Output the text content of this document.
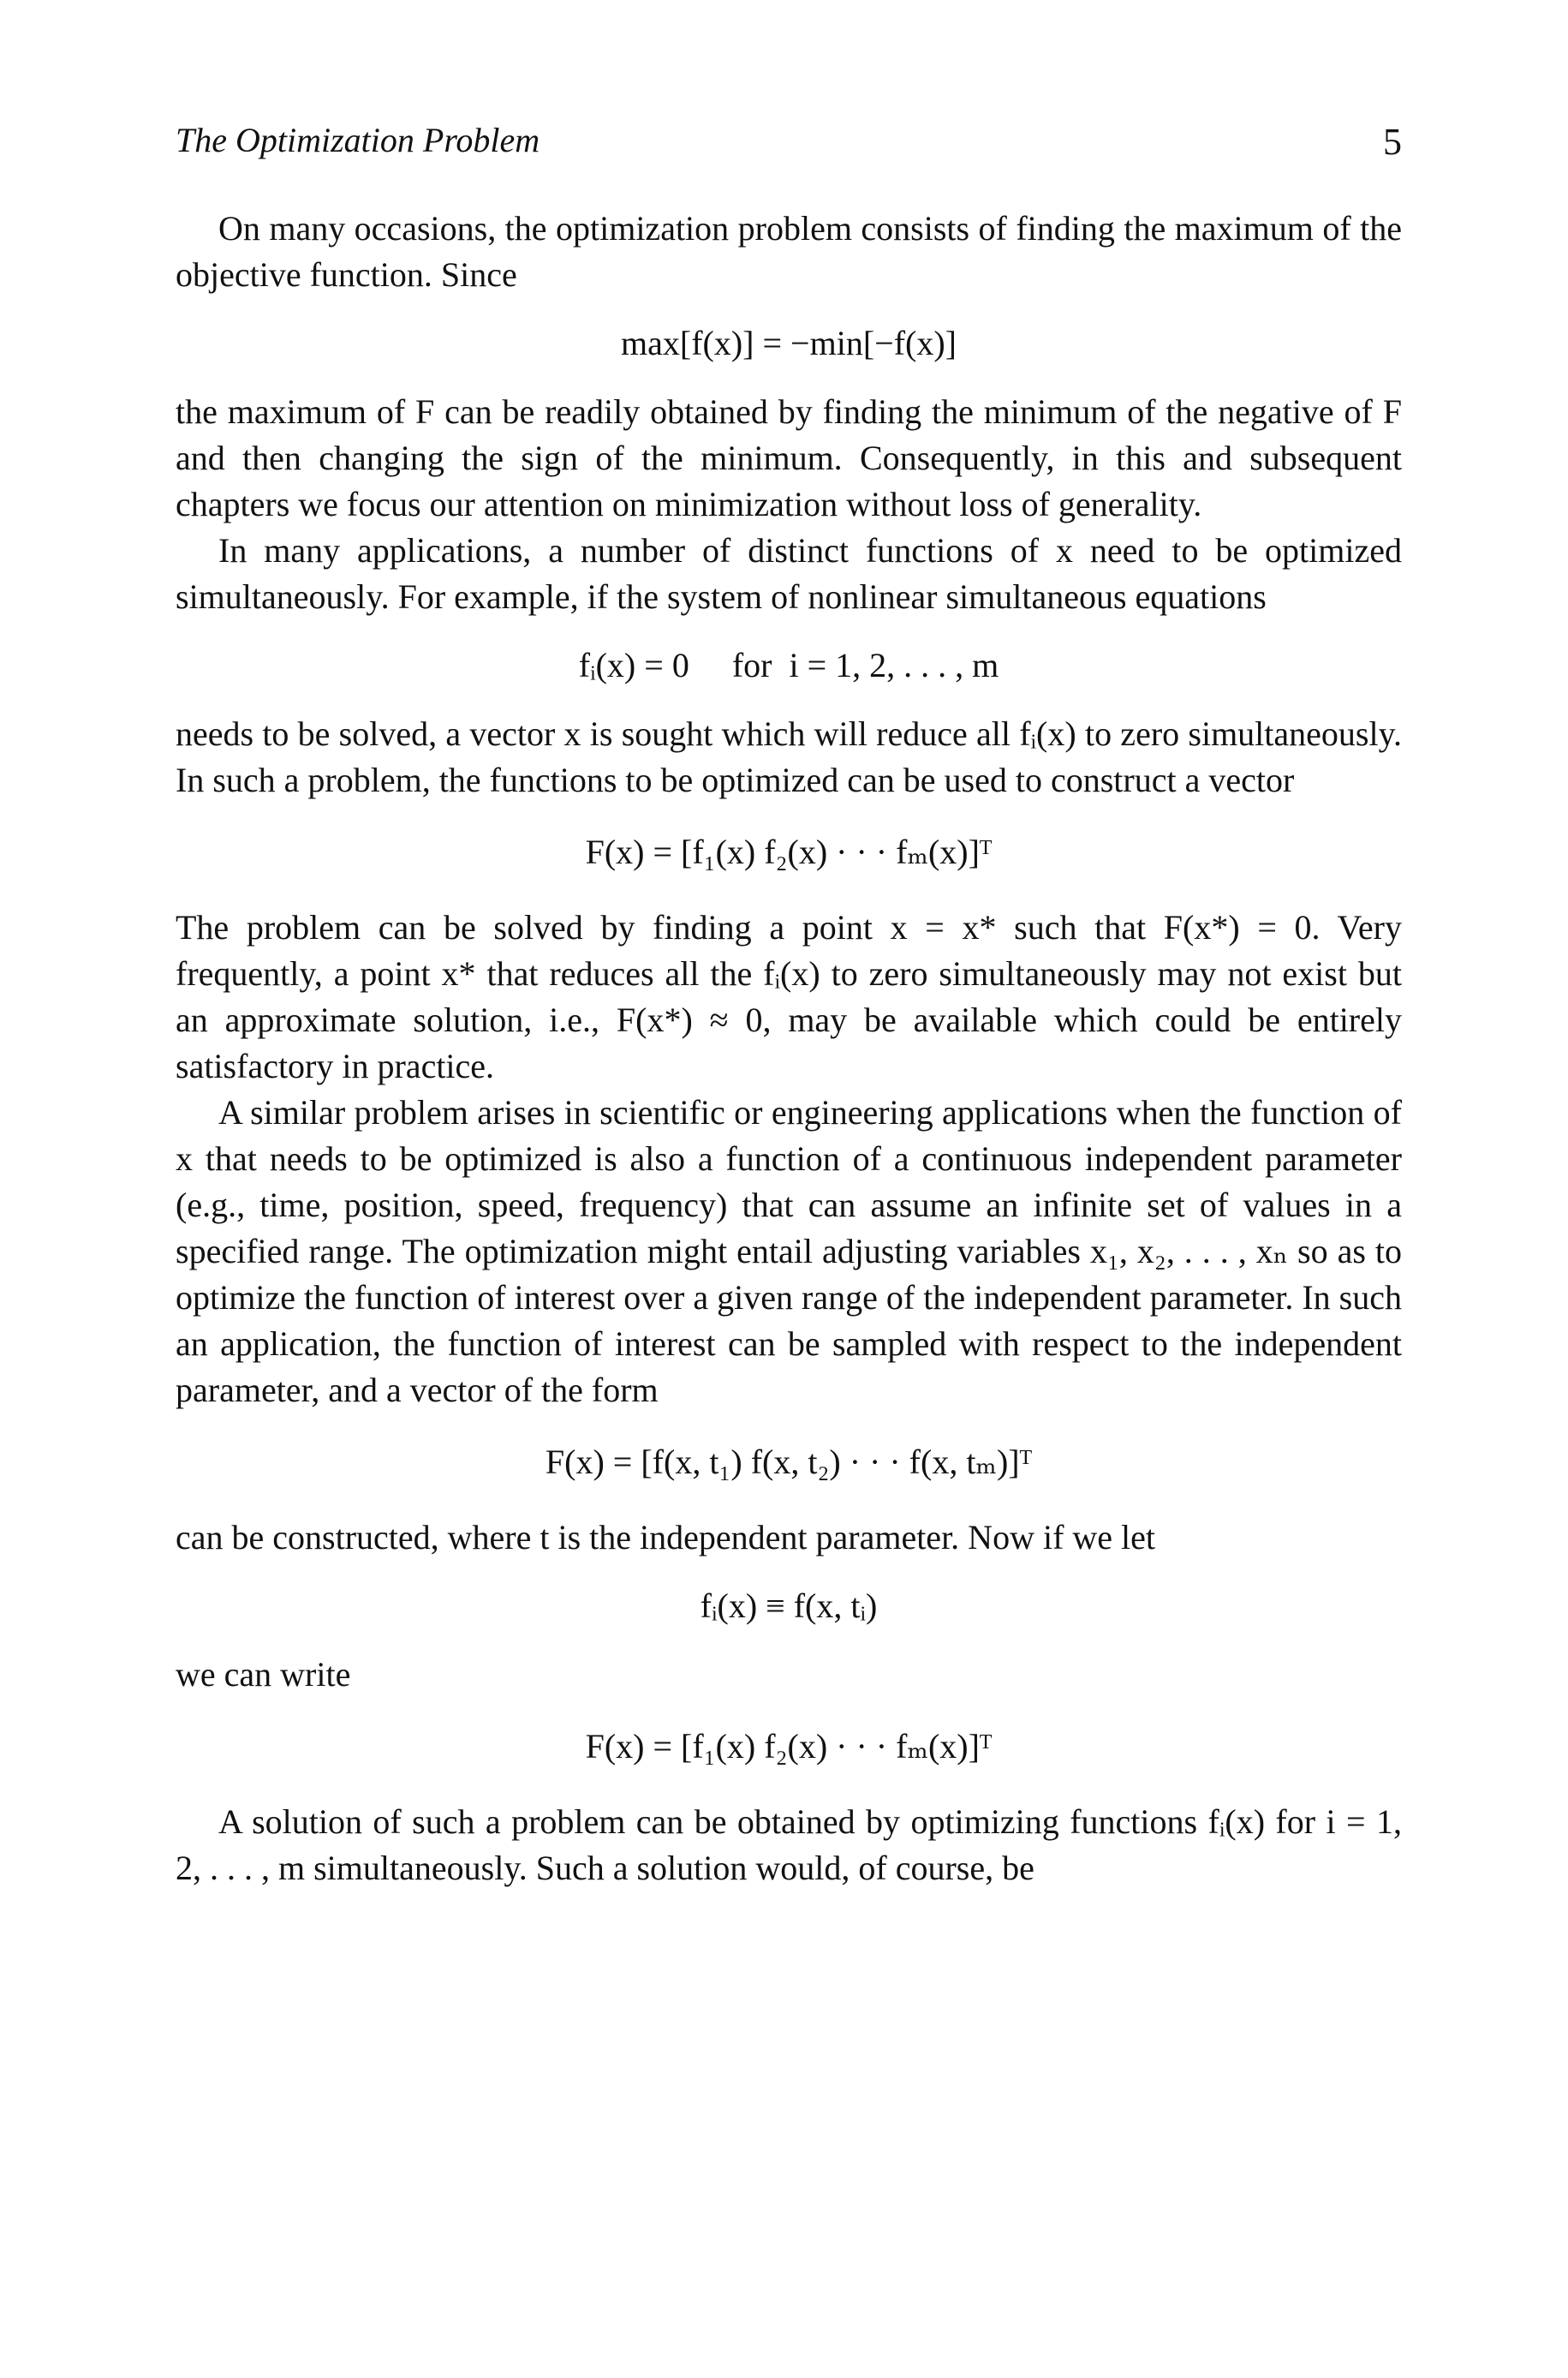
The Optimization Problem	5

On many occasions, the optimization problem consists of finding the maximum of the objective function. Since

max[f(x)] = −min[−f(x)]

the maximum of F can be readily obtained by finding the minimum of the negative of F and then changing the sign of the minimum. Consequently, in this and subsequent chapters we focus our attention on minimization without loss of generality.

In many applications, a number of distinct functions of x need to be optimized simultaneously. For example, if the system of nonlinear simultaneous equations

fᵢ(x) = 0     for  i = 1, 2, . . . , m

needs to be solved, a vector x is sought which will reduce all fᵢ(x) to zero simultaneously. In such a problem, the functions to be optimized can be used to construct a vector

F(x) = [f₁(x) f₂(x) · · · fₘ(x)]ᵀ

The problem can be solved by finding a point x = x* such that F(x*) = 0. Very frequently, a point x* that reduces all the fᵢ(x) to zero simultaneously may not exist but an approximate solution, i.e., F(x*) ≈ 0, may be available which could be entirely satisfactory in practice.

A similar problem arises in scientific or engineering applications when the function of x that needs to be optimized is also a function of a continuous independent parameter (e.g., time, position, speed, frequency) that can assume an infinite set of values in a specified range. The optimization might entail adjusting variables x₁, x₂, . . . , xₙ so as to optimize the function of interest over a given range of the independent parameter. In such an application, the function of interest can be sampled with respect to the independent parameter, and a vector of the form

F(x) = [f(x, t₁) f(x, t₂) · · · f(x, tₘ)]ᵀ

can be constructed, where t is the independent parameter. Now if we let

fᵢ(x) ≡ f(x, tᵢ)

we can write

F(x) = [f₁(x) f₂(x) · · · fₘ(x)]ᵀ

A solution of such a problem can be obtained by optimizing functions fᵢ(x) for i = 1, 2, . . . , m simultaneously. Such a solution would, of course, be
